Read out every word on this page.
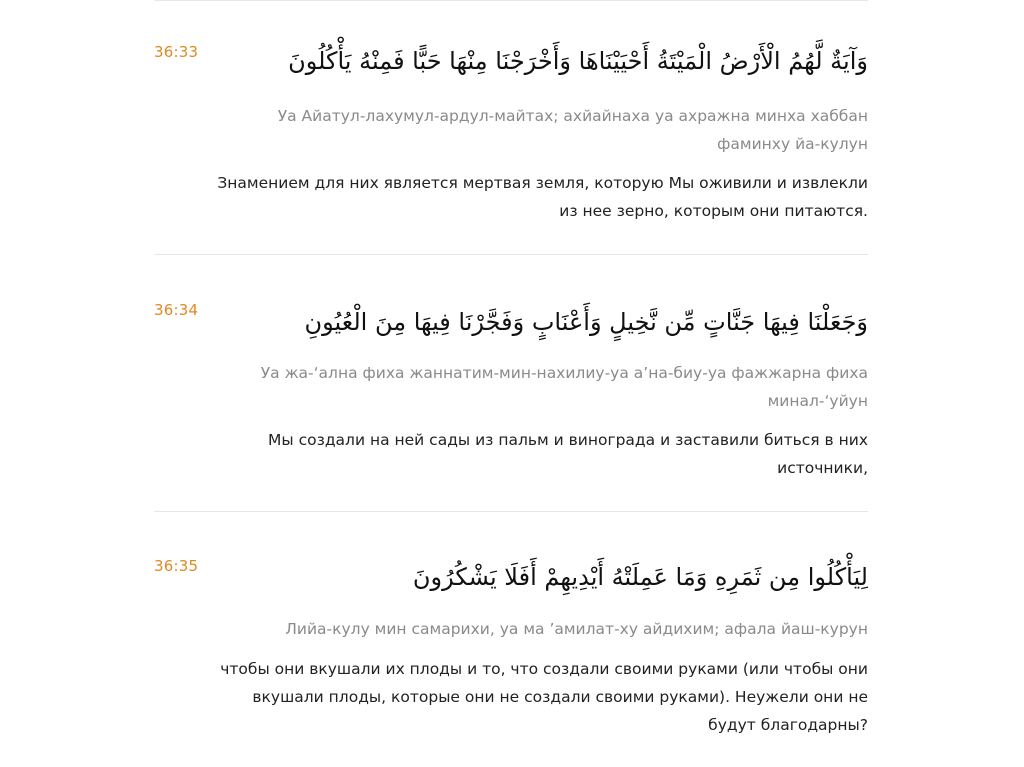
36:33	وَآيَةٌ لَّهُمُ الْأَرْضُ الْمَيْتَةُ أَحْيَيْنَاهَا وَأَخْرَجْنَا مِنْهَا حَبًّا فَمِنْهُ يَأْكُلُونَ
Уа Айатул-лахумул-ардул-майтах; ахйайнаха уа ахражна минха хаббан фаминху йа-кулун
Знамением для них является мертвая земля, которую Мы оживили и извлекли из нее зерно, которым они питаются.
36:34	وَجَعَلْنَا فِيهَا جَنَّاتٍ مِّن نَّخِيلٍ وَأَعْنَابٍ وَفَجَّرْنَا فِيهَا مِنَ الْعُيُونِ
Уа жа-‘ална фиха жаннатим-мин-нахилиу-уа а’на-биу-уа фажжарна фиха минал-‘уйун
Мы создали на ней сады из пальм и винограда и заставили биться в них источники,
36:35	لِيَأْكُلُوا مِن ثَمَرِهِ وَمَا عَمِلَتْهُ أَيْدِيهِمْ أَفَلَا يَشْكُرُونَ
Лийа-кулу мин самарихи, уа ма ’амилат-ху айдихим; афала йаш-курун
чтобы они вкушали их плоды и то, что создали своими руками (или чтобы они вкушали плоды, которые они не создали своими руками). Неужели они не будут благодарны?
